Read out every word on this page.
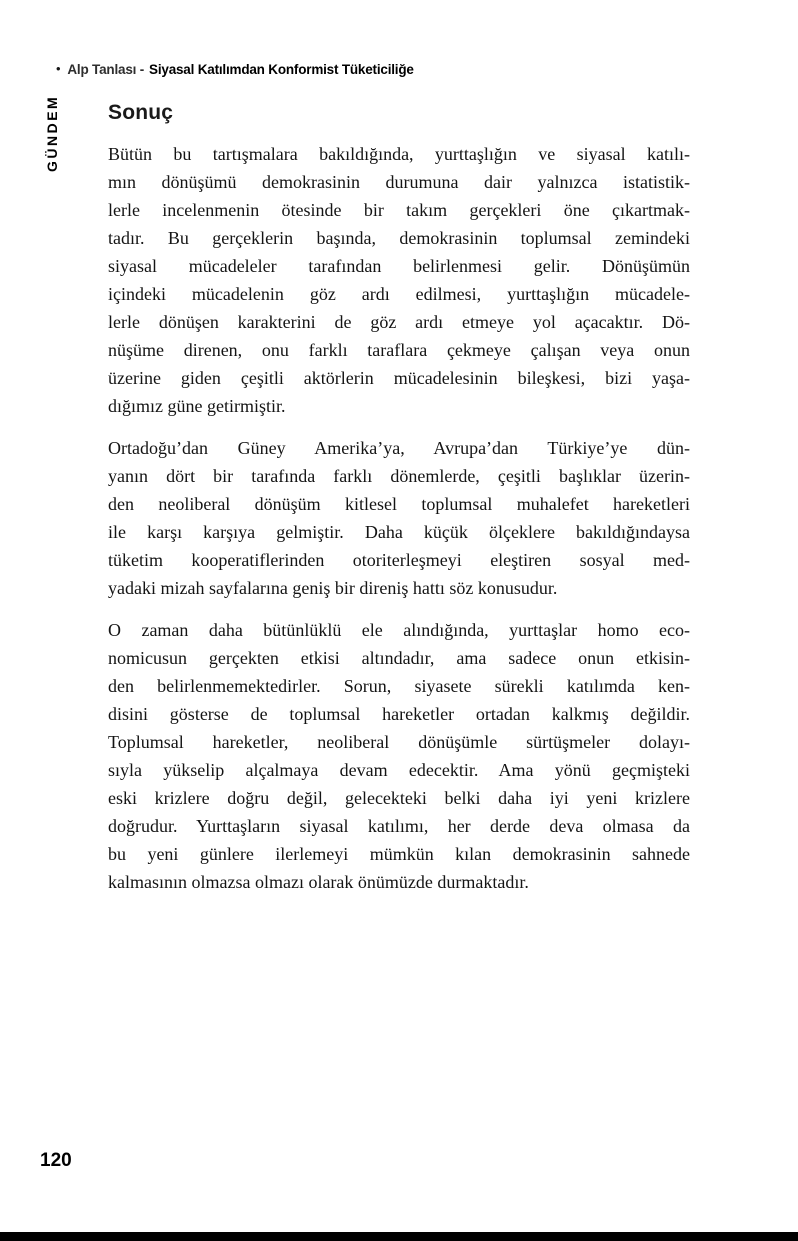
• Alp Tanlası - Siyasal Katılımdan Konformist Tüketiciliğe
GÜNDEM Sonuç
Bütün bu tartışmalara bakıldığında, yurttaşlığın ve siyasal katılı-
mın dönüşümü demokrasinin durumuna dair yalnızca istatistik-
lerle incelenmenin ötesinde bir takım gerçekleri öne çıkartmak-
tadır. Bu gerçeklerin başında, demokrasinin toplumsal zemindeki
siyasal mücadeleler tarafından belirlenmesi gelir. Dönüşümün
içindeki mücadelenin göz ardı edilmesi, yurttaşlığın mücadele-
lerle dönüşen karakterini de göz ardı etmeye yol açacaktır. Dö-
nüşüme direnen, onu farklı taraflara çekmeye çalışan veya onun
üzerine giden çeşitli aktörlerin mücadelesinin bileşkesi, bizi yaşa-
dığımız güne getirmiştir.
Ortadoğu’dan Güney Amerika’ya, Avrupa’dan Türkiye’ye dün-
yanın dört bir tarafında farklı dönemlerde, çeşitli başlıklar üzerin-
den neoliberal dönüşüm kitlesel toplumsal muhalefet hareketleri
ile karşı karşıya gelmiştir. Daha küçük ölçeklere bakıldığındaysa
tüketim kooperatiflerinden otoriterleşmeyi eleştiren sosyal med-
yadaki mizah sayfalarına geniş bir direniş hattı söz konusudur.
O zaman daha bütünlüklü ele alındığında, yurttaşlar homo eco-
nomicusun gerçekten etkisi altındadır, ama sadece onun etkisin-
den belirlenmemektedirler. Sorun, siyasete sürekli katılımda ken-
disini gösterse de toplumsal hareketler ortadan kalkmış değildir.
Toplumsal hareketler, neoliberal dönüşümle sürtüşmeler dolayı-
sıyla yükselip alçalmaya devam edecektir. Ama yönü geçmişteki
eski krizlere doğru değil, gelecekteki belki daha iyi yeni krizlere
doğrudur. Yurttaşların siyasal katılımı, her derde deva olmasa da
bu yeni günlere ilerlemeyi mümkün kılan demokrasinin sahnede
kalmasının olmazsa olmazı olarak önümüzde durmaktadır.
120
